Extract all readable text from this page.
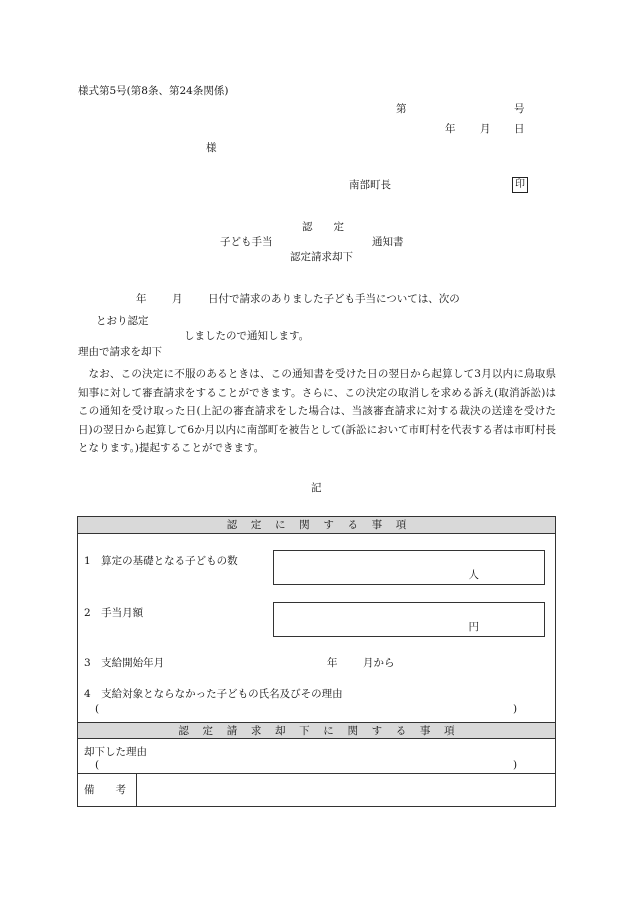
様式第5号(第8条、第24条関係)
第	号
年 月 日
様
南部町長	印
認　　定
子ども手当	通知書
認定請求却下
年 月 日付で請求のありました子ども手当については、次の
とおり認定
しましたので通知します。
理由で請求を却下

なお、この決定に不服のあるときは、この通知書を受けた日の翌日から起算して3月以内に鳥取県知事に対して審査請求をすることができます。さらに、この決定の取消しを求める訴え(取消訴訟)はこの通知を受け取った日(上記の審査請求をした場合は、当該審査請求に対する裁決の送達を受けた日)の翌日から起算して6か月以内に南部町を被告として(訴訟において市町村を代表する者は市町村長となります。)提起することができます。

記
認定に関する事項
1　算定の基礎となる子どもの数
人
2　手当月額
円
3　支給開始年月	年 月から
4　支給対象とならなかった子どもの氏名及びその理由
(	)
認定請求却下に関する事項
却下した理由
(	)
備　　考
